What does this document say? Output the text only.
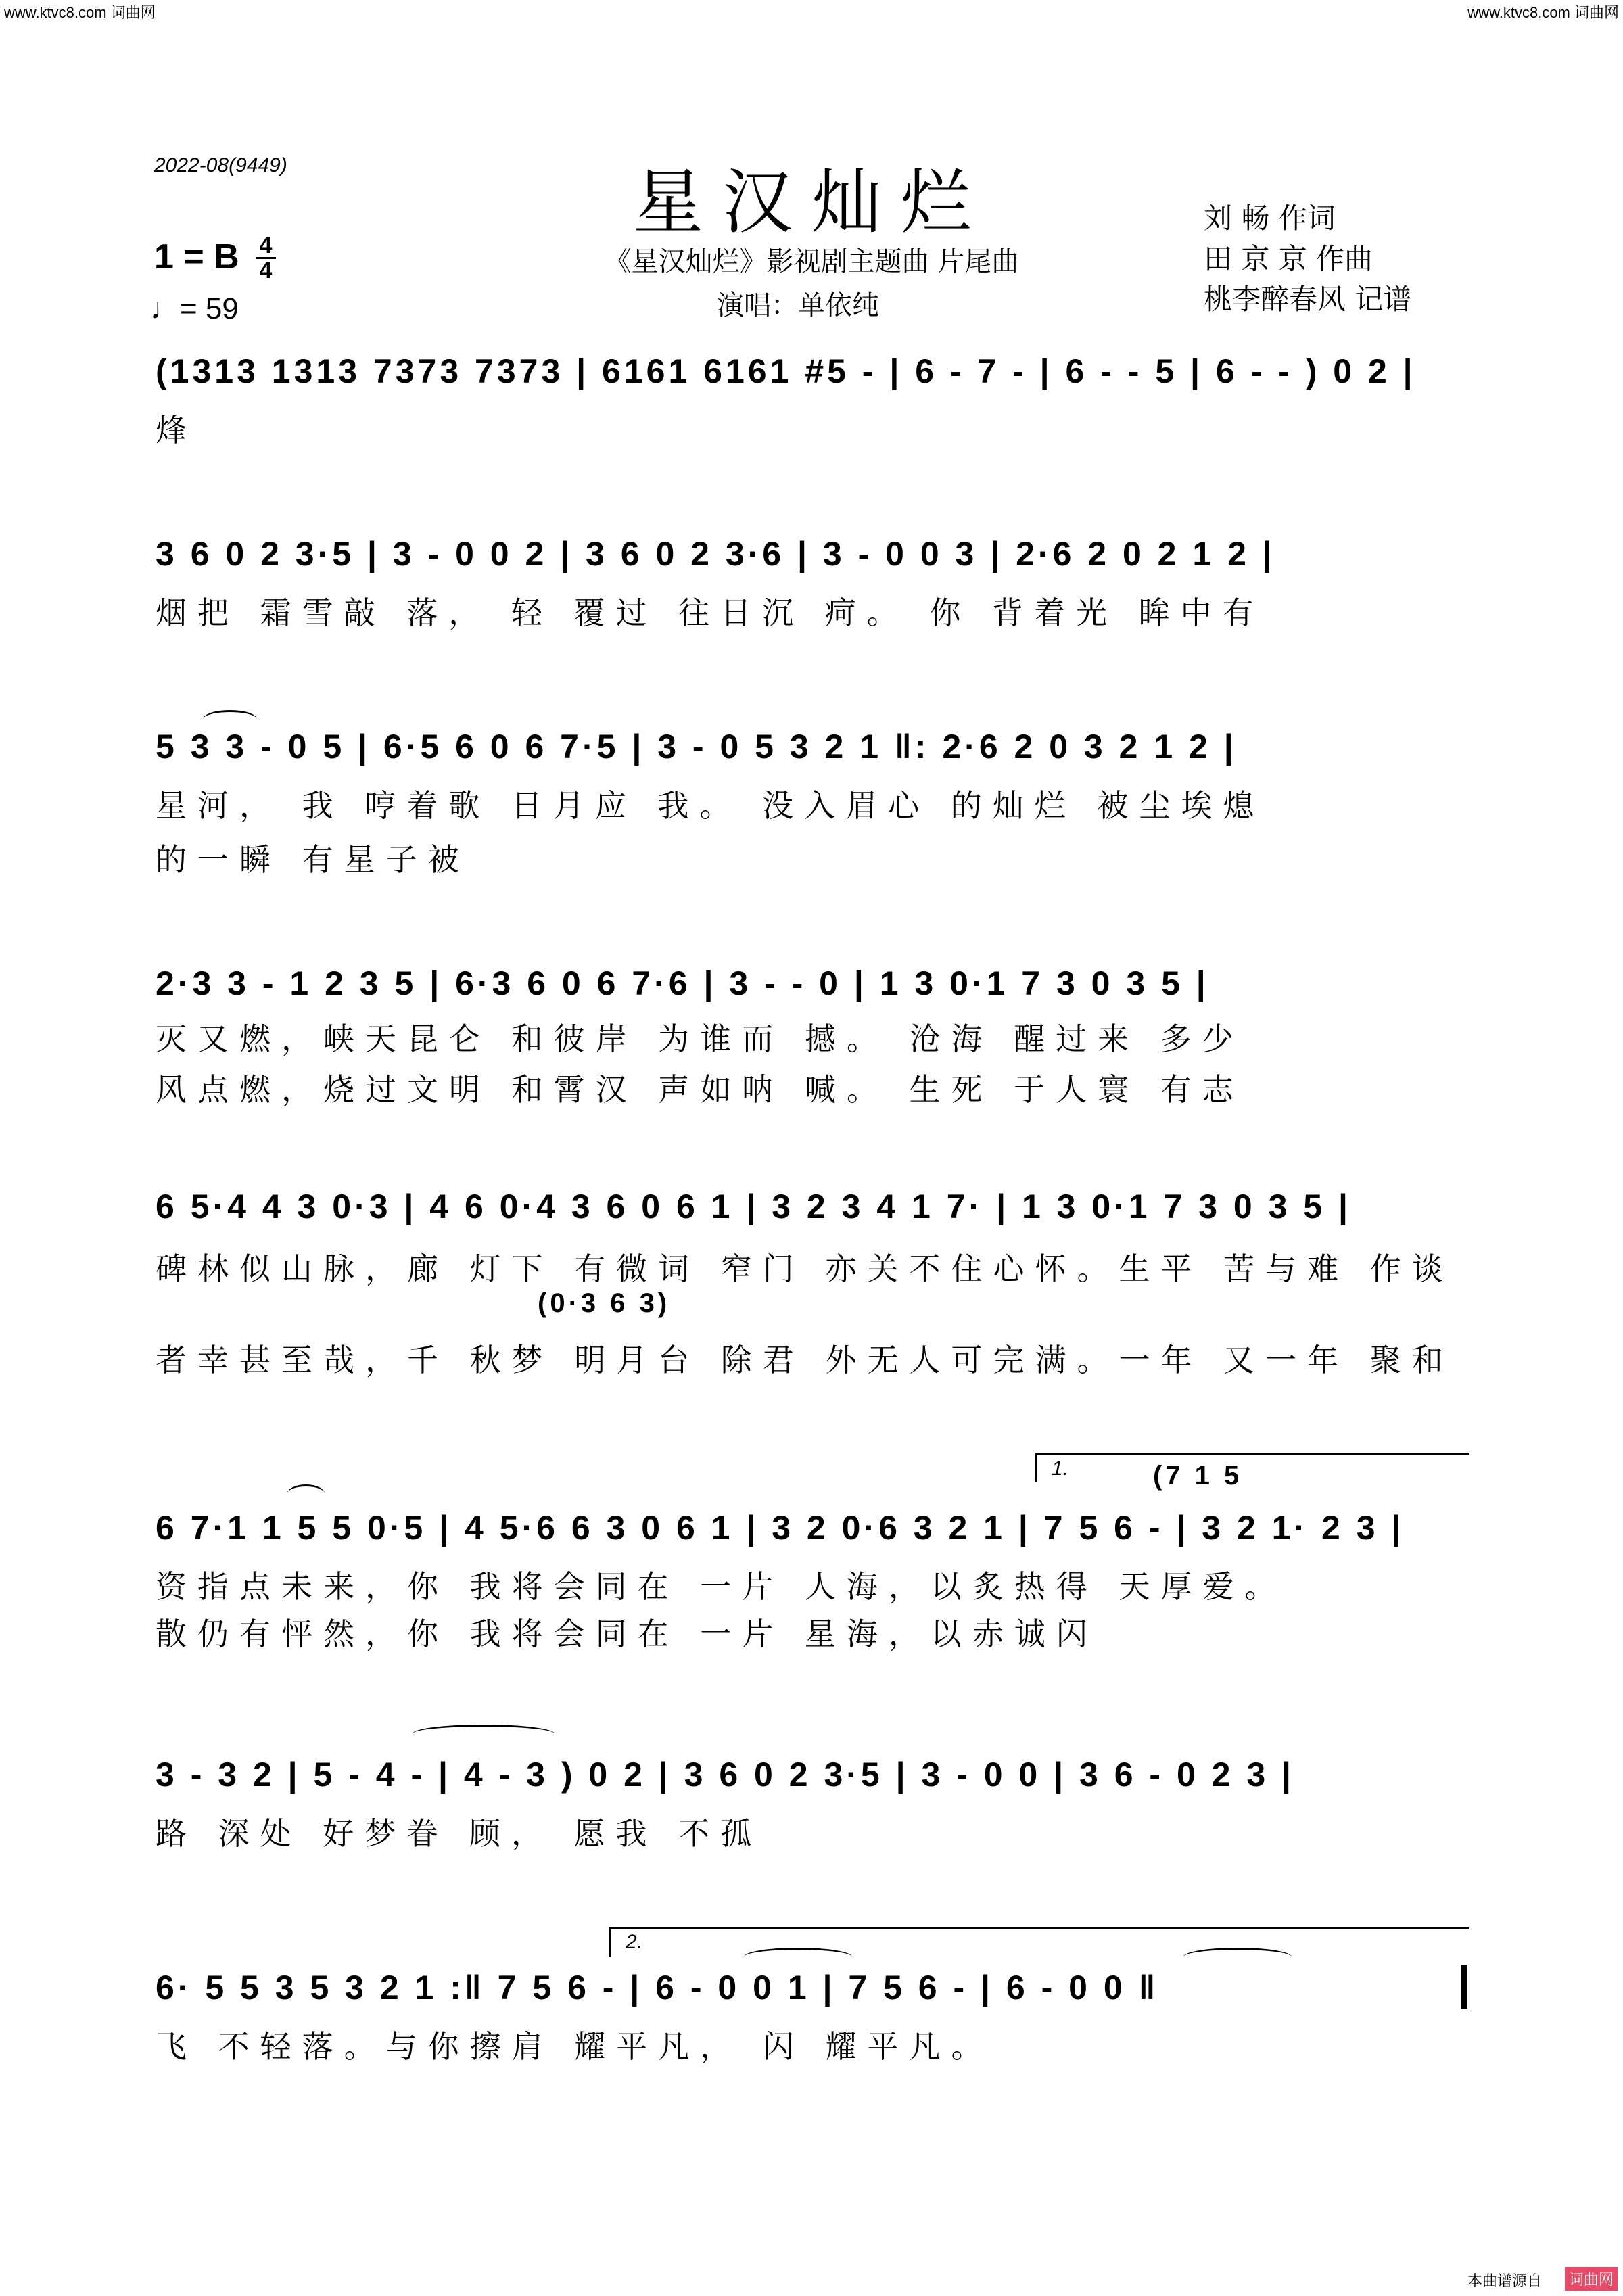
www.ktvc8.com 词曲网	www.ktvc8.com 词曲网
2022-08(9449)	星汉灿烂
《星汉灿烂》影视剧主题曲 片尾曲
演唱：单依纯
刘 畅 作词
田 京 京 作曲
桃李醉春风 记谱
1 = B 4
4
♩= 59
(1313 1313 7373 7373 | 6161 6161 #5 - | 6 - 7 - | 6 - - 5 | 6 - - ) 0 2 |
烽
3 6 0 2 3·5 | 3 - 0 0 2 | 3 6 0 2 3·6 | 3 - 0 0 3 | 2·6 2 0 2 1 2 |
烟把 霜雪敲 落， 轻 覆过 往日沉 疴。 你 背着光 眸中有
5 3 3 - 0 5 | 6·5 6 0 6 7·5 | 3 - 0 5 3 2 1 ‖: 2·6 2 0 3 2 1 2 |
星河， 我 哼着歌 日月应 我。 没入眉心 的灿烂 被尘埃熄
的一瞬 有星子被
2·3 3 - 1 2 3 5 | 6·3 6 0 6 7·6 | 3 - - 0 | 1 3 0·1 7 3 0 3 5 |
灭又燃，峡天昆仑 和彼岸 为谁而 撼。 沧海 醒过来 多少
风点燃，烧过文明 和霄汉 声如呐 喊。 生死 于人寰 有志
6 5·4 4 3 0·3 | 4 6 0·4 3 6 0 6 1 | 3 2 3 4 1 7· | 1 3 0·1 7 3 0 3 5 |
碑林似山脉，廊 灯下 有微词 窄门 亦关不住心怀。生平 苦与难 作谈
(0·3 6 3)
者幸甚至哉，千 秋梦 明月台 除君 外无人可完满。一年 又一年 聚和
1.	(7 1 5
6 7·1 1 5 5 0·5 | 4 5·6 6 3 0 6 1 | 3 2 0·6 3 2 1 | 7 5 6 - | 3 2 1· 2 3 |
资指点未来，你 我将会同在 一片 人海，以炙热得 天厚爱。
散仍有怦然，你 我将会同在 一片 星海，以赤诚闪
3 - 3 2 | 5 - 4 - | 4 - 3 ) 0 2 | 3 6 0 2 3·5 | 3 - 0 0 | 3 6 - 0 2 3 |
路 深处 好梦眷 顾， 愿我 不孤
2.
6· 5 5 3 5 3 2 1 :‖ 7 5 6 - | 6 - 0 0 1 | 7 5 6 - | 6 - 0 0 ‖
飞 不轻落。与你擦肩 耀平凡， 闪 耀平凡。
本曲谱源自 词曲网
